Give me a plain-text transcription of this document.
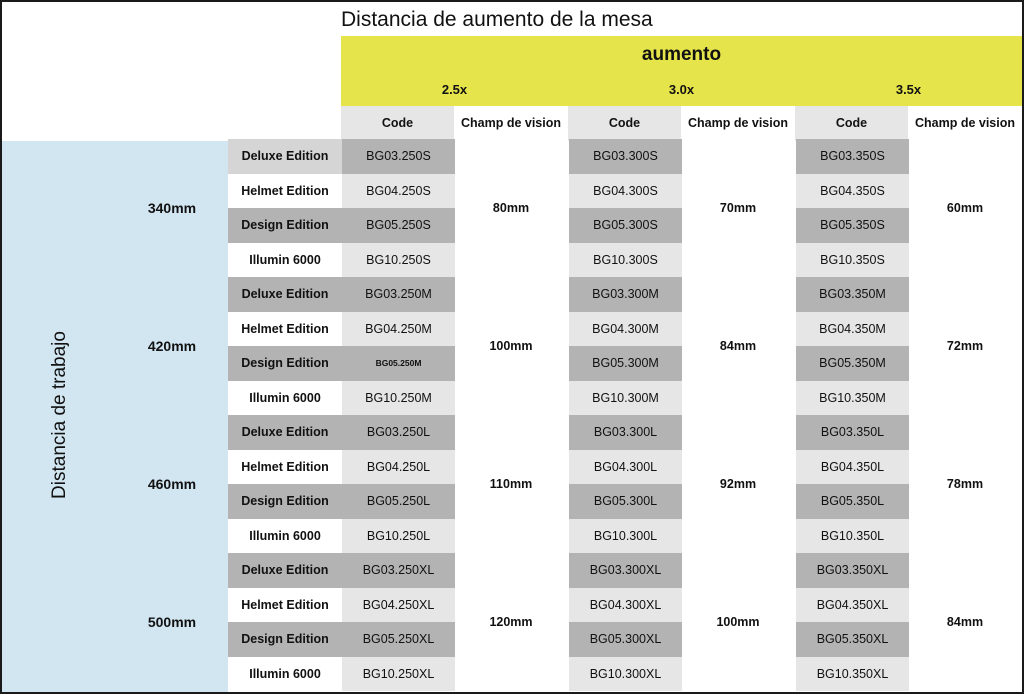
Distancia de aumento de la mesa
aumento
2.5x	3.0x	3.5x
Code	Champ de vision	Code	Champ de vision	Code	Champ de vision
Distancia de trabajo
340mm	80mm	70mm	60mm
Deluxe Edition	BG03.250S	BG03.300S	BG03.350S
Helmet Edition	BG04.250S	BG04.300S	BG04.350S
Design Edition	BG05.250S	BG05.300S	BG05.350S
Illumin 6000	BG10.250S	BG10.300S	BG10.350S
420mm	100mm	84mm	72mm
Deluxe Edition	BG03.250M	BG03.300M	BG03.350M
Helmet Edition	BG04.250M	BG04.300M	BG04.350M
Design Edition	BG05.250M	BG05.300M	BG05.350M
Illumin 6000	BG10.250M	BG10.300M	BG10.350M
460mm	110mm	92mm	78mm
Deluxe Edition	BG03.250L	BG03.300L	BG03.350L
Helmet Edition	BG04.250L	BG04.300L	BG04.350L
Design Edition	BG05.250L	BG05.300L	BG05.350L
Illumin 6000	BG10.250L	BG10.300L	BG10.350L
500mm	120mm	100mm	84mm
Deluxe Edition	BG03.250XL	BG03.300XL	BG03.350XL
Helmet Edition	BG04.250XL	BG04.300XL	BG04.350XL
Design Edition	BG05.250XL	BG05.300XL	BG05.350XL
Illumin 6000	BG10.250XL	BG10.300XL	BG10.350XL
